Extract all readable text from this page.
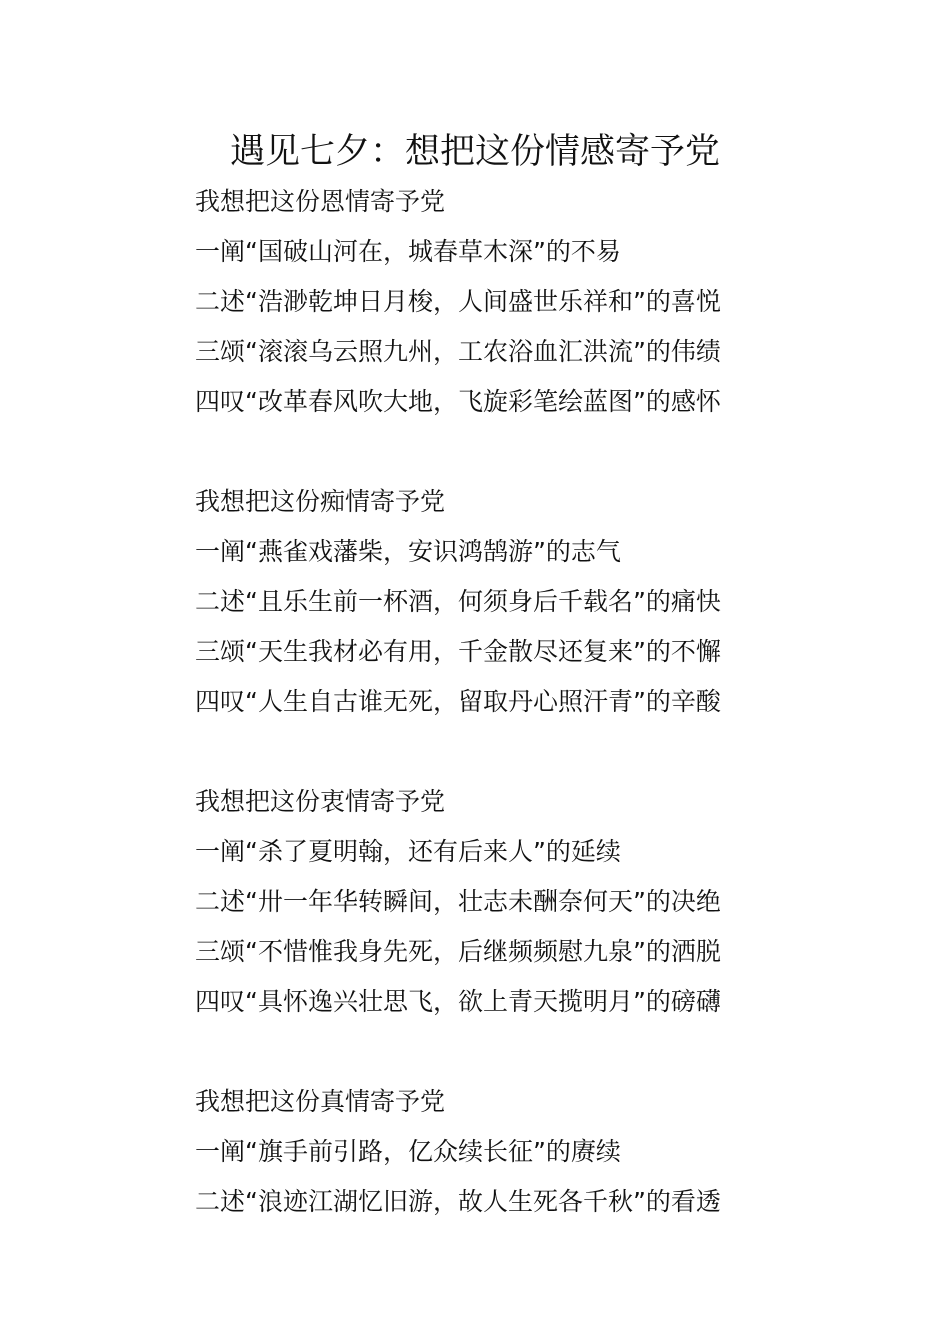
遇见七夕：想把这份情感寄予党
我想把这份恩情寄予党
一阐“国破山河在，城春草木深”的不易
二述“浩渺乾坤日月梭，人间盛世乐祥和”的喜悦
三颂“滚滚乌云照九州，工农浴血汇洪流”的伟绩
四叹“改革春风吹大地，飞旋彩笔绘蓝图”的感怀
我想把这份痴情寄予党
一阐“燕雀戏藩柴，安识鸿鹄游”的志气
二述“且乐生前一杯酒，何须身后千载名”的痛快
三颂“天生我材必有用，千金散尽还复来”的不懈
四叹“人生自古谁无死，留取丹心照汗青”的辛酸
我想把这份衷情寄予党
一阐“杀了夏明翰，还有后来人”的延续
二述“卅一年华转瞬间，壮志未酬奈何天”的决绝
三颂“不惜惟我身先死，后继频频慰九泉”的洒脱
四叹“具怀逸兴壮思飞，欲上青天揽明月”的磅礴
我想把这份真情寄予党
一阐“旗手前引路，亿众续长征”的赓续
二述“浪迹江湖忆旧游，故人生死各千秋”的看透
